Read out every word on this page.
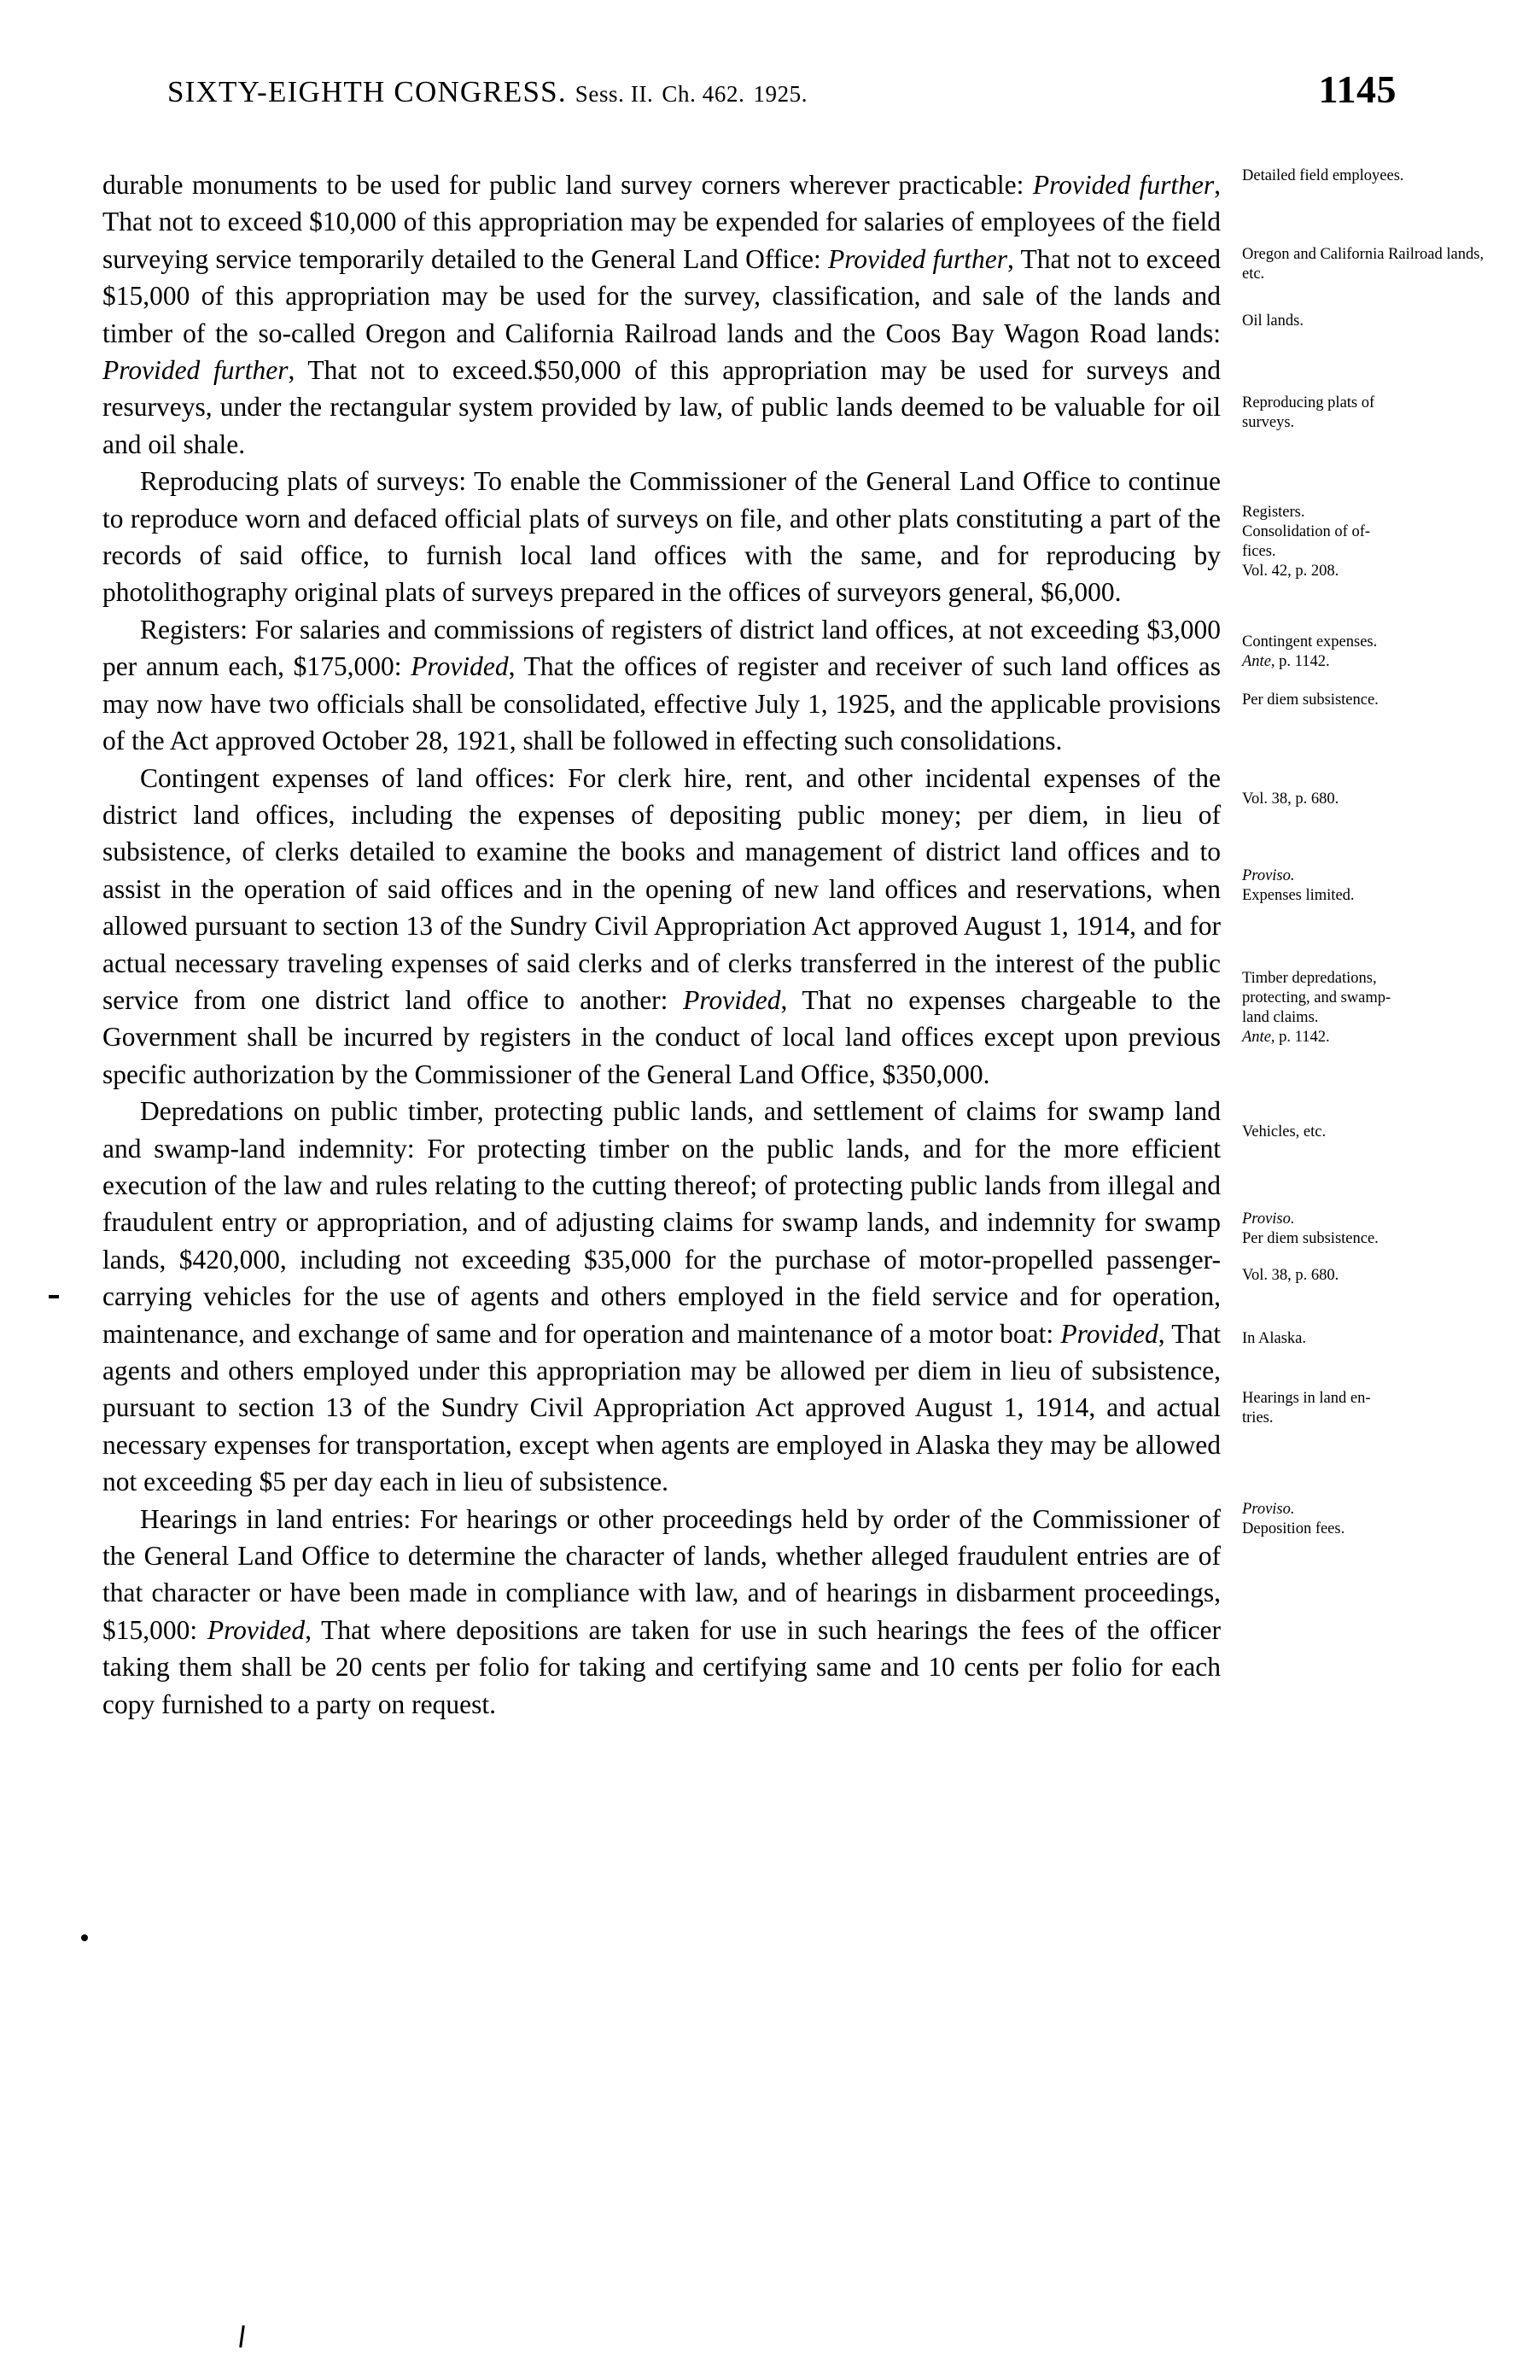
SIXTY-EIGHTH CONGRESS. Sess. II. Ch. 462. 1925.	1145

durable monuments to be used for public land survey corners wherever practicable: Provided further, That not to exceed $10,000 of this appropriation may be expended for salaries of employees of the field surveying service temporarily detailed to the General Land Office: Provided further, That not to exceed $15,000 of this appropriation may be used for the survey, classification, and sale of the lands and timber of the so-called Oregon and California Railroad lands and the Coos Bay Wagon Road lands: Provided further, That not to exceed.$50,000 of this appropriation may be used for surveys and resurveys, under the rectangular system provided by law, of public lands deemed to be valuable for oil and oil shale.

Reproducing plats of surveys: To enable the Commissioner of the General Land Office to continue to reproduce worn and defaced official plats of surveys on file, and other plats constituting a part of the records of said office, to furnish local land offices with the same, and for reproducing by photolithography original plats of surveys prepared in the offices of surveyors general, $6,000.

Registers: For salaries and commissions of registers of district land offices, at not exceeding $3,000 per annum each, $175,000: Provided, That the offices of register and receiver of such land offices as may now have two officials shall be consolidated, effective July 1, 1925, and the applicable provisions of the Act approved October 28, 1921, shall be followed in effecting such consolidations.

Contingent expenses of land offices: For clerk hire, rent, and other incidental expenses of the district land offices, including the expenses of depositing public money; per diem, in lieu of subsistence, of clerks detailed to examine the books and management of district land offices and to assist in the operation of said offices and in the opening of new land offices and reservations, when allowed pursuant to section 13 of the Sundry Civil Appropriation Act approved August 1, 1914, and for actual necessary traveling expenses of said clerks and of clerks transferred in the interest of the public service from one district land office to another: Provided, That no expenses chargeable to the Government shall be incurred by registers in the conduct of local land offices except upon previous specific authorization by the Commissioner of the General Land Office, $350,000.

Depredations on public timber, protecting public lands, and settlement of claims for swamp land and swamp-land indemnity: For protecting timber on the public lands, and for the more efficient execution of the law and rules relating to the cutting thereof; of protecting public lands from illegal and fraudulent entry or appropriation, and of adjusting claims for swamp lands, and indemnity for swamp lands, $420,000, including not exceeding $35,000 for the purchase of motor-propelled passenger-carrying vehicles for the use of agents and others employed in the field service and for operation, maintenance, and exchange of same and for operation and maintenance of a motor boat: Provided, That agents and others employed under this appropriation may be allowed per diem in lieu of subsistence, pursuant to section 13 of the Sundry Civil Appropriation Act approved August 1, 1914, and actual necessary expenses for transportation, except when agents are employed in Alaska they may be allowed not exceeding $5 per day each in lieu of subsistence.

Hearings in land entries: For hearings or other proceedings held by order of the Commissioner of the General Land Office to determine the character of lands, whether alleged fraudulent entries are of that character or have been made in compliance with law, and of hearings in disbarment proceedings, $15,000: Provided, That where depositions are taken for use in such hearings the fees of the officer taking them shall be 20 cents per folio for taking and certifying same and 10 cents per folio for each copy furnished to a party on request.

Detailed field employees.
Oregon and California Railroad lands,
etc.
Oil lands.
Reproducing plats of
surveys.
Registers.
Consolidation of of-
fices.
Vol. 42, p. 208.
Contingent expenses.
Ante, p. 1142.
Per diem subsistence.
Vol. 38, p. 680.
Proviso.
Expenses limited.
Timber depredations,
protecting, and swamp-
land claims.
Ante, p. 1142.
Vehicles, etc.
Proviso.
Per diem subsistence.
Vol. 38, p. 680.
In Alaska.
Hearings in land en-
tries.
Proviso.
Deposition fees.
